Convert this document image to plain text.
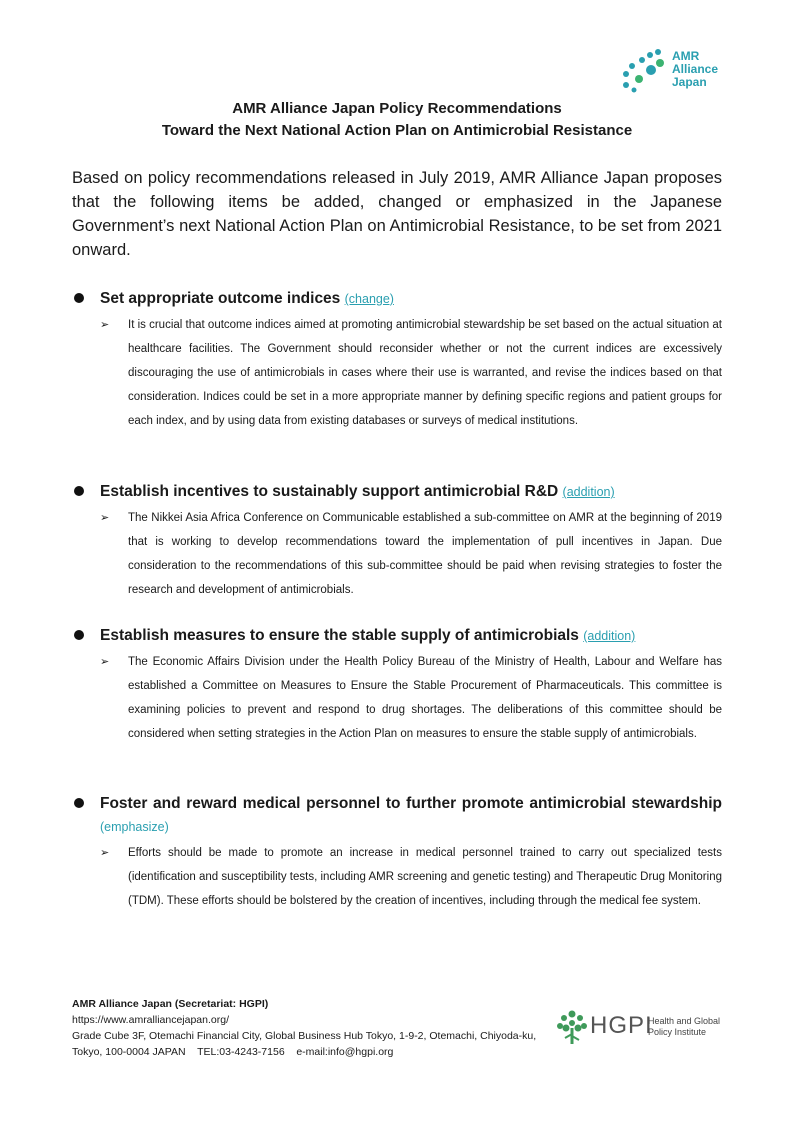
AMR
Alliance
Japan
AMR Alliance Japan Policy Recommendations
Toward the Next National Action Plan on Antimicrobial Resistance

Based on policy recommendations released in July 2019, AMR Alliance Japan proposes that the following items be added, changed or emphasized in the Japanese Government’s next National Action Plan on Antimicrobial Resistance, to be set from 2021 onward.

Set appropriate outcome indices (change)
➢ It is crucial that outcome indices aimed at promoting antimicrobial stewardship be set based on the actual situation at healthcare facilities. The Government should reconsider whether or not the current indices are excessively discouraging the use of antimicrobials in cases where their use is warranted, and revise the indices based on that consideration. Indices could be set in a more appropriate manner by defining specific regions and patient groups for each index, and by using data from existing databases or surveys of medical institutions.
Establish incentives to sustainably support antimicrobial R&D (addition)
➢ The Nikkei Asia Africa Conference on Communicable established a sub-committee on AMR at the beginning of 2019 that is working to develop recommendations toward the implementation of pull incentives in Japan. Due consideration to the recommendations of this sub-committee should be paid when revising strategies to foster the research and development of antimicrobials.
Establish measures to ensure the stable supply of antimicrobials (addition)
➢ The Economic Affairs Division under the Health Policy Bureau of the Ministry of Health, Labour and Welfare has established a Committee on Measures to Ensure the Stable Procurement of Pharmaceuticals. This committee is examining policies to prevent and respond to drug shortages. The deliberations of this committee should be considered when setting strategies in the Action Plan on measures to ensure the stable supply of antimicrobials.
Foster and reward medical personnel to further promote antimicrobial stewardship (emphasize)
➢ Efforts should be made to promote an increase in medical personnel trained to carry out specialized tests (identification and susceptibility tests, including AMR screening and genetic testing) and Therapeutic Drug Monitoring (TDM). These efforts should be bolstered by the creation of incentives, including through the medical fee system.
AMR Alliance Japan (Secretariat: HGPI)
https://www.amralliancejapan.org/
Grade Cube 3F, Otemachi Financial City, Global Business Hub Tokyo, 1-9-2, Otemachi, Chiyoda-ku,
Tokyo, 100-0004 JAPAN    TEL:03-4243-7156    e-mail:info@hgpi.org
HGPI
Health and Global
Policy Institute
